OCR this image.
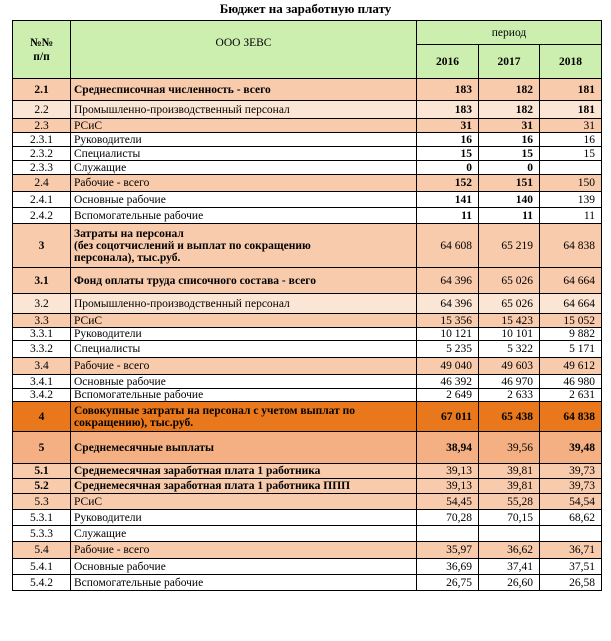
Бюджет на заработную плату
№№
п/п	ООО ЗЕВС	период		
		2016	2017	2018
2.1	Среднесписочная численность - всего	183	182	181
2.2	Промышленно-производственный персонал	183	182	181
2.3	РСиС	31	31	31
2.3.1	Руководители	16	16	16
2.3.2	Специалисты	15	15	15
2.3.3	Служащие	0	0	
2.4	Рабочие - всего	152	151	150
2.4.1	Основные рабочие	141	140	139
2.4.2	Вспомогательные рабочие	11	11	11
3	Затраты на персонал
(без соцотчислений и выплат по сокращению
персонала), тыс.руб.	64 608	65 219	64 838
3.1	Фонд оплаты труда списочного состава - всего	64 396	65 026	64 664
3.2	Промышленно-производственный персонал	64 396	65 026	64 664
3.3	РСиС	15 356	15 423	15 052
3.3.1	Руководители	10 121	10 101	9 882
3.3.2	Специалисты	5 235	5 322	5 171
3.4	Рабочие - всего	49 040	49 603	49 612
3.4.1	Основные рабочие	46 392	46 970	46 980
3.4.2	Вспомогательные рабочие	2 649	2 633	2 631
4	Совокупные затраты на персонал с учетом выплат по
сокращению), тыс.руб.	67 011	65 438	64 838
5	Среднемесячные выплаты	38,94	39,56	39,48
5.1	Среднемесячная заработная плата 1 работника	39,13	39,81	39,73
5.2	Среднемесячная заработная плата 1 работника ППП	39,13	39,81	39,73
5.3	РСиС	54,45	55,28	54,54
5.3.1	Руководители	70,28	70,15	68,62
5.3.3	Служащие			
5.4	Рабочие - всего	35,97	36,62	36,71
5.4.1	Основные рабочие	36,69	37,41	37,51
5.4.2	Вспомогательные рабочие	26,75	26,60	26,58
